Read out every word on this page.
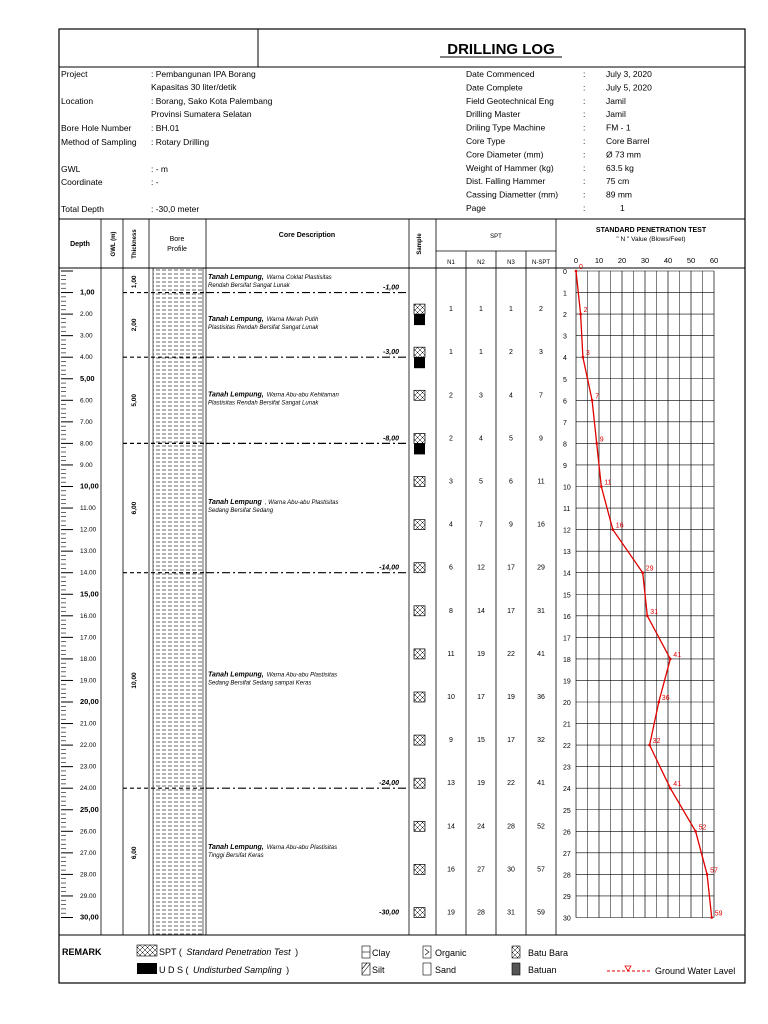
DRILLING LOG
Project	: Pembangunan IPA Borang
Kapasitas 30 liter/detik
Location	: Borang, Sako Kota Palembang
Provinsi Sumatera Selatan
Bore Hole Number : BH.01
Method of Sampling : Rotary Drilling
GWL	: - m
Coordinate	: -
Total Depth	: -30,0 meter
Date Commenced	: July 3, 2020
Date Complete	: July 5, 2020
Field Geotechnical Eng	: Jamil
Drilling Master	: Jamil
Driling Type Machine	: FM - 1
Core Type	: Core Barrel
Core Diameter (mm)	: Ø 73 mm
Weight of Hammer (kg)	: 63.5 kg
Dist. Falling Hammer	: 75 cm
Cassing Diametter (mm)	: 89 mm
Page	:	1
Depth	GWL (m)	Thickness	Bore
Profile
Core Description	Sample	SPT
N1	N2	N3	N-SPT
STANDARD PENETRATION TEST
" N " Value (Blows/Feet)
1,00
2.00
3.00
4.00
5,00
6.00
7.00
8.00
9.00
10,00
11.00
12.00
13.00
14.00
15,00
16.00
17.00
18.00
19.00
20,00
21.00
22.00
23.00
24.00
25,00
26.00
27.00
28.00
29.00
30,00
1,00	Tanah Lempung, Warna Coklat Plastisitas
Rendah Bersifat Sangat Lunak	-1,00
2,00	Tanah Lempung, Warna Merah Putih
Plastisitas Rendah Bersifat Sangat Lunak
-3,00
5,00	Tanah Lempung, Warna Abu-abu Kehitaman
Plastisitas Rendah Bersifat Sangat Lunak
-8,00
6,00	Tanah Lempung , Warna Abu-abu Plastisitas
Sedang Bersifat Sedang
-14,00
10,00	Tanah Lempung, Warna Abu-abu Plastisitas
Sedang Bersifat Sedang sampai Keras
-24,00
6,00	Tanah Lempung, Warna Abu-abu Plastisitas
Tinggi Bersifat Keras
-30,00
1	1	1	2
1	1	2	3
2	3	4	7
2	4	5	9
3	5	6	11
4	7	9	16
6	12	17	29
8	14	17	31
11	19	22	41
10	17	19	36
9	15	17	32
13	19	22	41
14	24	28	52
16	27	30	57
19	28	31	59
0
1
2
3
4
5
6
7
8
9
10
11
12
13
14
15
16
17
18
19
20
21
22
23
24
25
26
27
28
29
30
0 10 20 30 40 50 60
0
2
3
7
9
11
16
29
31
41
36
32
41
52
57
59
REMARK	SPT ( Standard Penetration Test )
U D S ( Undisturbed Sampling )
Clay
Silt
Organic
Sand
Batu Bara
Batuan	Ground Water Lavel
